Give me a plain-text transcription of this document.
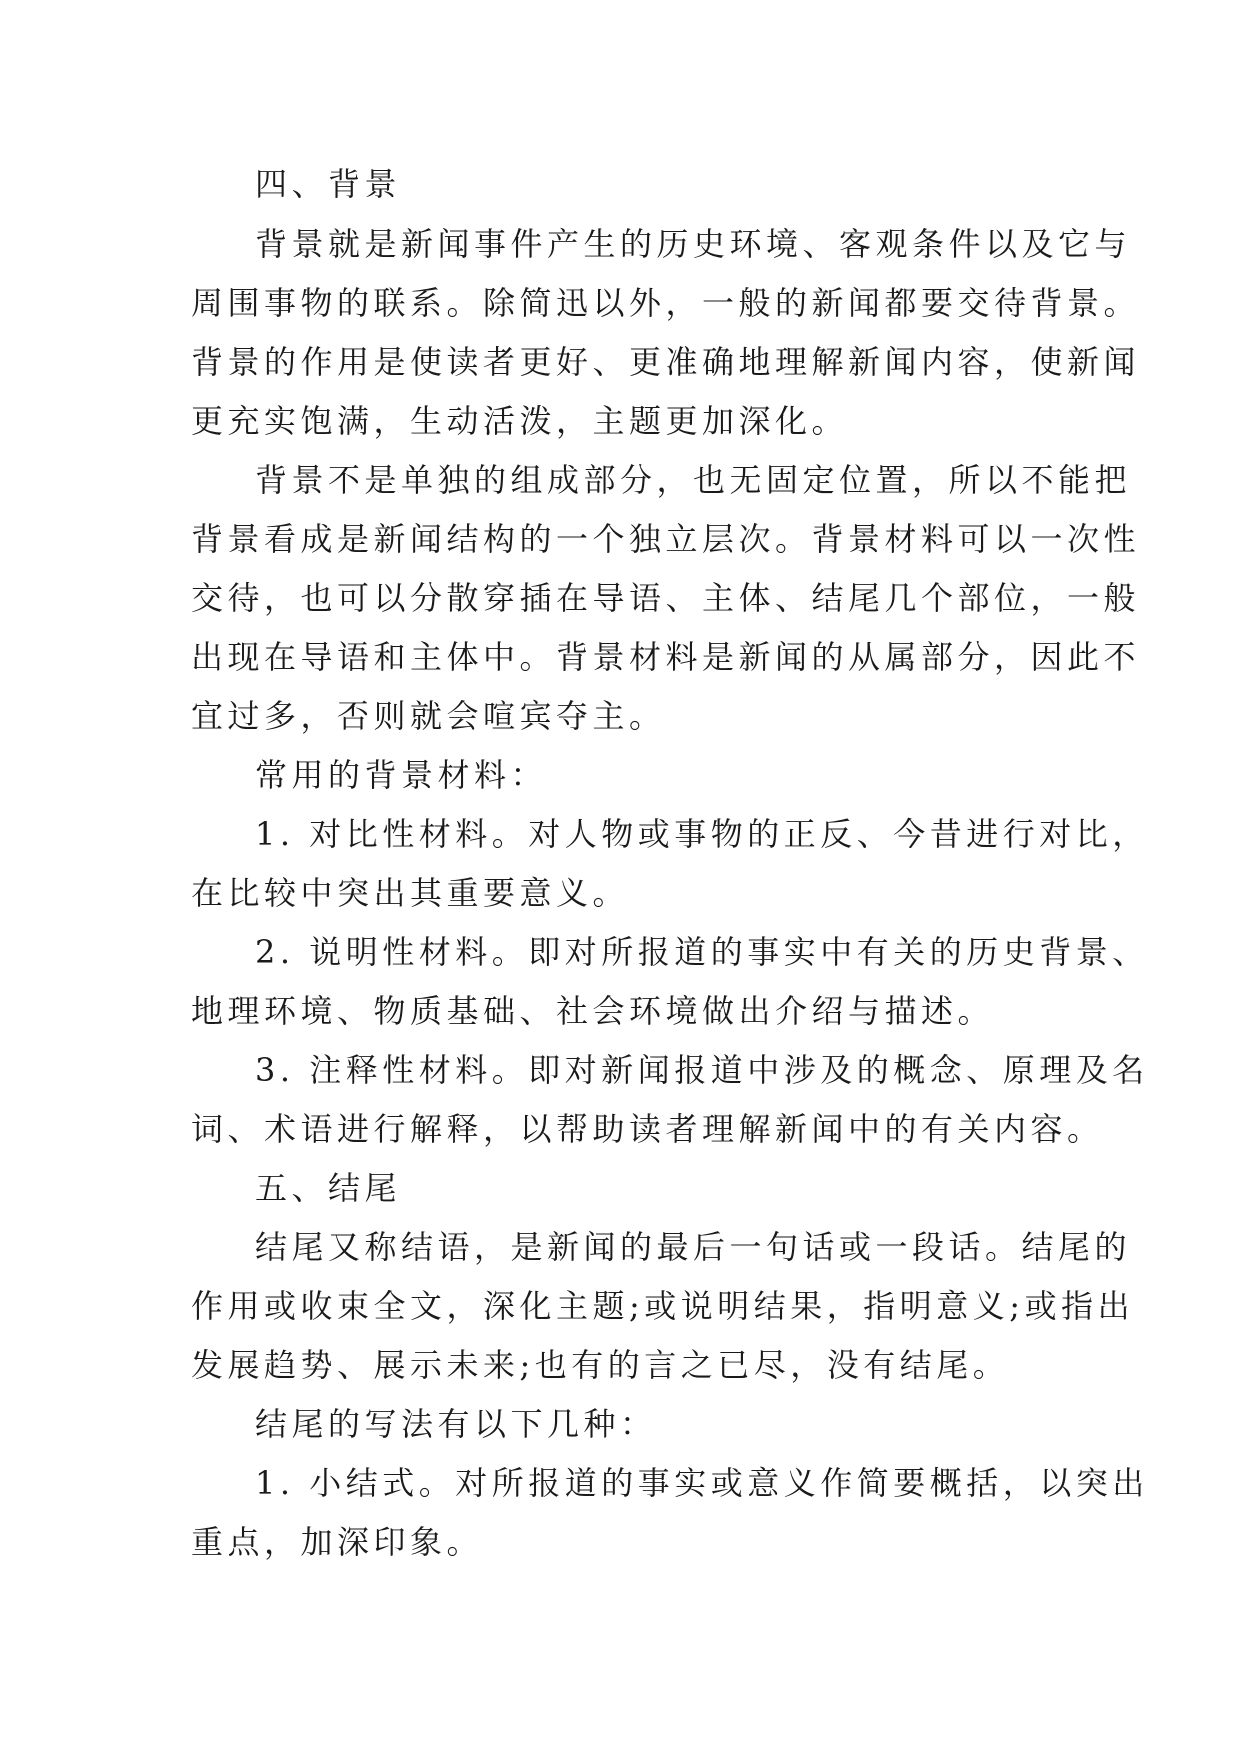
四、背景
背景就是新闻事件产生的历史环境、客观条件以及它与
周围事物的联系。除简迅以外，一般的新闻都要交待背景。
背景的作用是使读者更好、更准确地理解新闻内容，使新闻
更充实饱满，生动活泼，主题更加深化。
背景不是单独的组成部分，也无固定位置，所以不能把
背景看成是新闻结构的一个独立层次。背景材料可以一次性
交待，也可以分散穿插在导语、主体、结尾几个部位，一般
出现在导语和主体中。背景材料是新闻的从属部分，因此不
宜过多，否则就会喧宾夺主。
常用的背景材料：
1. 对比性材料。对人物或事物的正反、今昔进行对比，
在比较中突出其重要意义。
2. 说明性材料。即对所报道的事实中有关的历史背景、
地理环境、物质基础、社会环境做出介绍与描述。
3. 注释性材料。即对新闻报道中涉及的概念、原理及名
词、术语进行解释，以帮助读者理解新闻中的有关内容。
五、结尾
结尾又称结语，是新闻的最后一句话或一段话。结尾的
作用或收束全文，深化主题;或说明结果，指明意义;或指出
发展趋势、展示未来;也有的言之已尽，没有结尾。
结尾的写法有以下几种：
1. 小结式。对所报道的事实或意义作简要概括，以突出
重点，加深印象。
